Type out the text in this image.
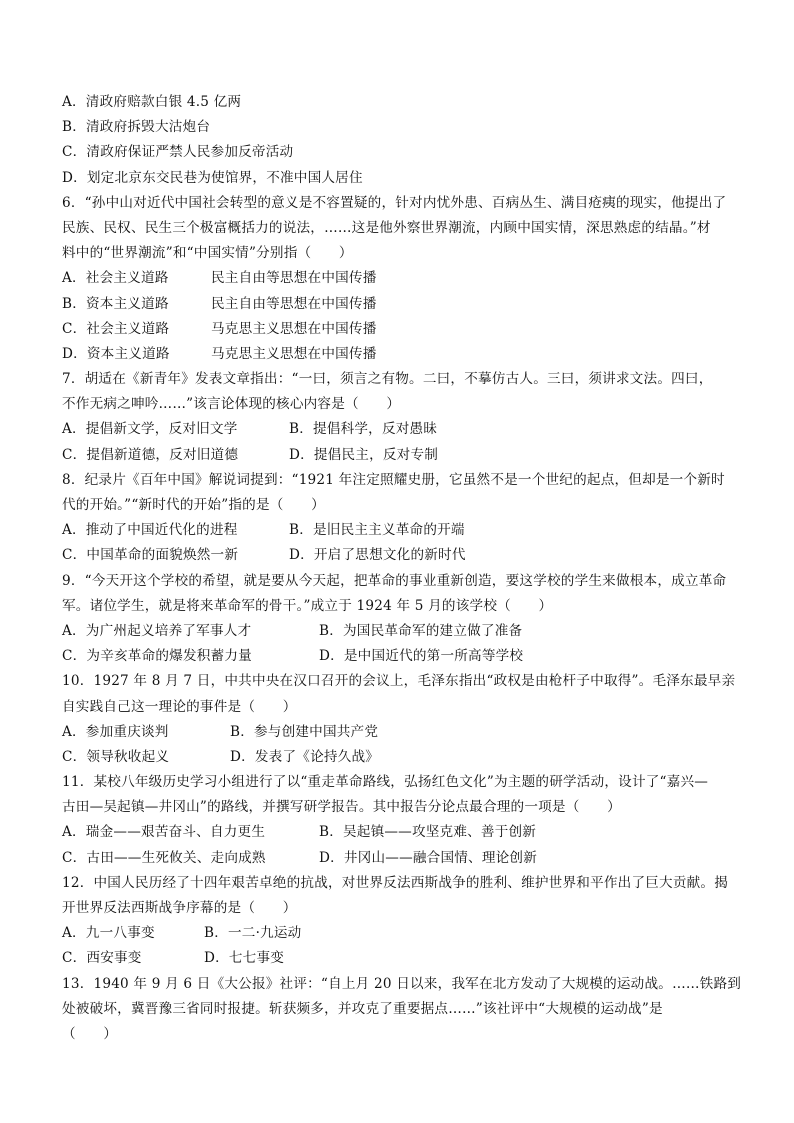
A．清政府赔款白银 4.5 亿两
B．清政府拆毁大沽炮台
C．清政府保证严禁人民参加反帝活动
D．划定北京东交民巷为使馆界，不准中国人居住
6．“孙中山对近代中国社会转型的意义是不容置疑的，针对内忧外患、百病丛生、满目疮痍的现实，他提出了
民族、民权、民生三个极富概括力的说法，……这是他外察世界潮流，内顾中国实情，深思熟虑的结晶。”材
料中的“世界潮流”和“中国实情”分别指（　　）
A．社会主义道路	民主自由等思想在中国传播
B．资本主义道路	民主自由等思想在中国传播
C．社会主义道路	马克思主义思想在中国传播
D．资本主义道路	马克思主义思想在中国传播
7．胡适在《新青年》发表文章指出：“一曰，须言之有物。二曰，不摹仿古人。三曰，须讲求文法。四曰，
不作无病之呻吟……”该言论体现的核心内容是（　　）
A．提倡新文学，反对旧文学	B．提倡科学，反对愚昧
C．提倡新道德，反对旧道德	D．提倡民主，反对专制
8．纪录片《百年中国》解说词提到：“1921 年注定照耀史册，它虽然不是一个世纪的起点，但却是一个新时
代的开始。”“新时代的开始”指的是（　　）
A．推动了中国近代化的进程	B．是旧民主主义革命的开端
C．中国革命的面貌焕然一新	D．开启了思想文化的新时代
9．“今天开这个学校的希望，就是要从今天起，把革命的事业重新创造，要这学校的学生来做根本，成立革命
军。诸位学生，就是将来革命军的骨干。”成立于 1924 年 5 月的该学校（　　）
A．为广州起义培养了军事人才	B．为国民革命军的建立做了准备
C．为辛亥革命的爆发积蓄力量	D．是中国近代的第一所高等学校
10．1927 年 8 月 7 日，中共中央在汉口召开的会议上，毛泽东指出“政权是由枪杆子中取得”。毛泽东最早亲
自实践自己这一理论的事件是（　　）
A．参加重庆谈判	B．参与创建中国共产党
C．领导秋收起义	D．发表了《论持久战》
11．某校八年级历史学习小组进行了以“重走革命路线，弘扬红色文化”为主题的研学活动，设计了“嘉兴—
古田—吴起镇—井冈山”的路线，并撰写研学报告。其中报告分论点最合理的一项是（　　）
A．瑞金——艰苦奋斗、自力更生	B．吴起镇——攻坚克难、善于创新
C．古田——生死攸关、走向成熟	D．井冈山——融合国情、理论创新
12．中国人民历经了十四年艰苦卓绝的抗战，对世界反法西斯战争的胜利、维护世界和平作出了巨大贡献。揭
开世界反法西斯战争序幕的是（　　）
A．九一八事变	B．一二·九运动
C．西安事变	D．七七事变
13．1940 年 9 月 6 日《大公报》社评：“自上月 20 日以来，我军在北方发动了大规模的运动战。……铁路到
处被破坏，冀晋豫三省同时报捷。斩获频多，并攻克了重要据点……”该社评中“大规模的运动战”是
（　　）
